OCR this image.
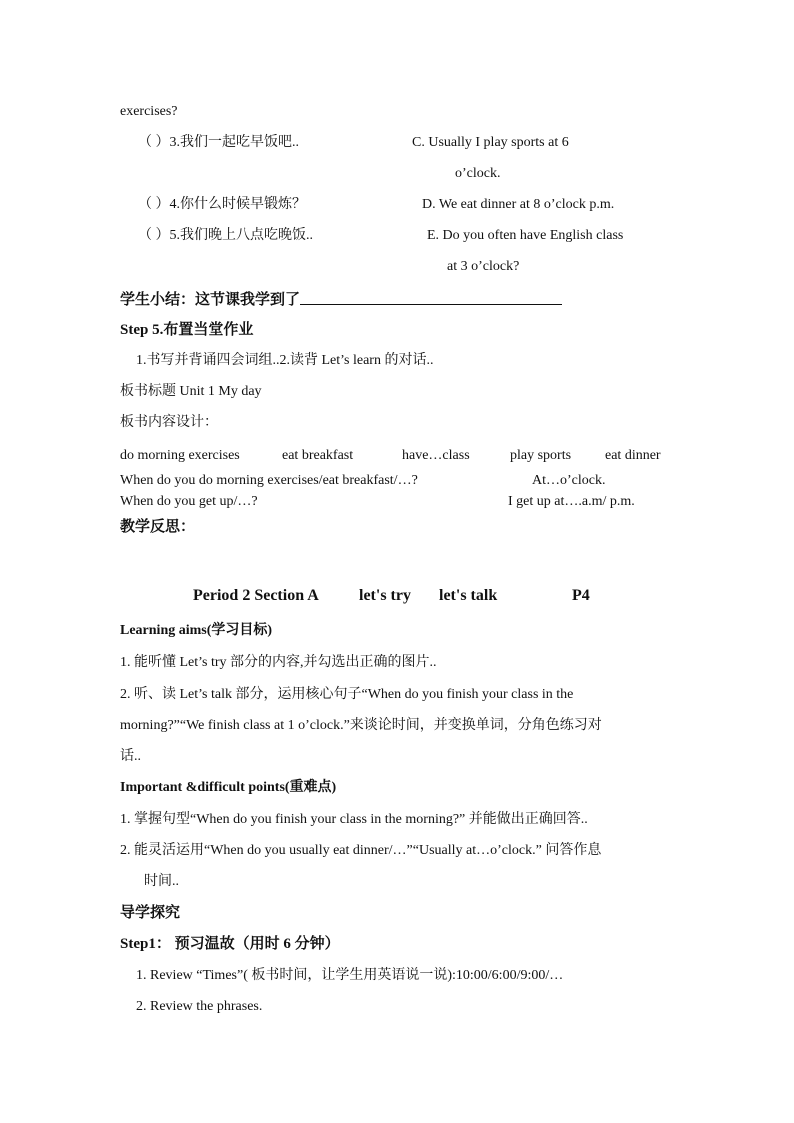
exercises?
（ ）3.我们一起吃早饭吧..	C. Usually I play sports at 6
o’clock.
（ ）4.你什么时候早锻炼？	D. We eat dinner at 8 o’clock p.m.
（ ）5.我们晚上八点吃晚饭..	E. Do you often have English class
at 3 o’clock?
学生小结：这节课我学到了
Step 5.布置当堂作业
1.书写并背诵四会词组..2.读背 Let’s learn 的对话..
板书标题 Unit 1 My day
板书内容设计：
do morning exercises	eat breakfast	have…class	play sports eat dinner
When do you do morning exercises/eat breakfast/…?	At…o’clock.
When do you get up/…?	I get up at….a.m/ p.m.
教学反思：
Period 2 Section A	let's try let's talk	P4
Learning aims(学习目标)
1. 能听懂 Let’s try 部分的内容,并勾选出正确的图片..
2. 听、读 Let’s talk 部分，运用核心句子“When do you finish your class in the
morning?”“We finish class at 1 o’clock.”来谈论时间，并变换单词，分角色练习对
话..
Important &difficult points(重难点)
1. 掌握句型“When do you finish your class in the morning?” 并能做出正确回答..
2. 能灵活运用“When do you usually eat dinner/…”“Usually at…o’clock.” 问答作息
时间..
导学探究
Step1： 预习温故（用时 6 分钟）
1. Review “Times”( 板书时间，让学生用英语说一说):10:00/6:00/9:00/…
2. Review the phrases.
